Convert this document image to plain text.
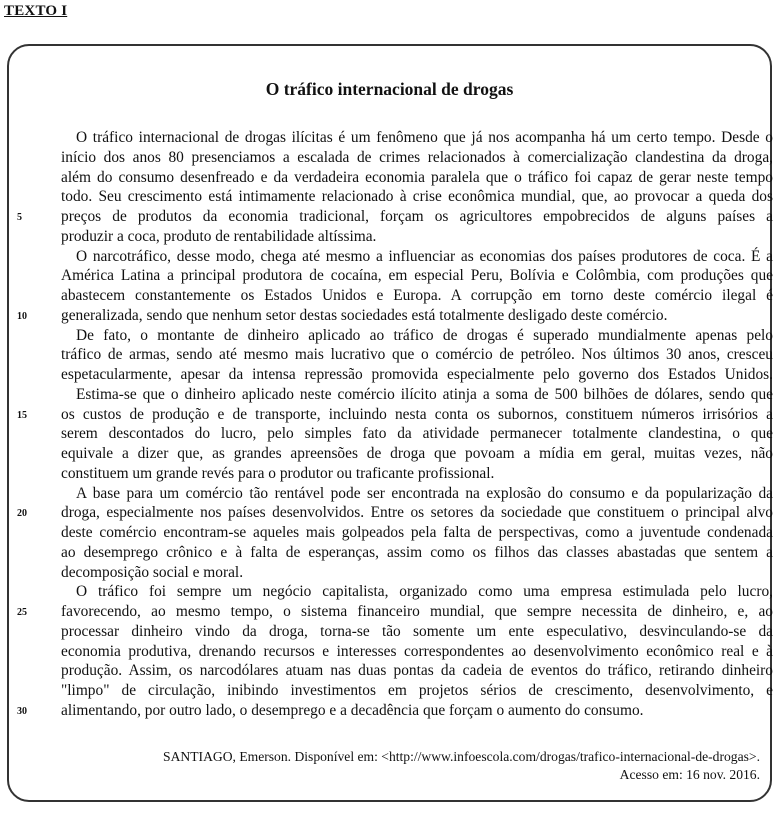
TEXTO I
O tráfico internacional de drogas
O tráfico internacional de drogas ilícitas é um fenômeno que já nos acompanha há um certo tempo. Desde o
início dos anos 80 presenciamos a escalada de crimes relacionados à comercialização clandestina da droga,
além do consumo desenfreado e da verdadeira economia paralela que o tráfico foi capaz de gerar neste tempo
todo. Seu crescimento está intimamente relacionado à crise econômica mundial, que, ao provocar a queda dos
preços de produtos da economia tradicional, forçam os agricultores empobrecidos de alguns países a
5
produzir a coca, produto de rentabilidade altíssima.
O narcotráfico, desse modo, chega até mesmo a influenciar as economias dos países produtores de coca. É a
América Latina a principal produtora de cocaína, em especial Peru, Bolívia e Colômbia, com produções que
abastecem constantemente os Estados Unidos e Europa. A corrupção em torno deste comércio ilegal é
generalizada, sendo que nenhum setor destas sociedades está totalmente desligado deste comércio.
10
De fato, o montante de dinheiro aplicado ao tráfico de drogas é superado mundialmente apenas pelo
tráfico de armas, sendo até mesmo mais lucrativo que o comércio de petróleo. Nos últimos 30 anos, cresceu
espetacularmente, apesar da intensa repressão promovida especialmente pelo governo dos Estados Unidos.
Estima-se que o dinheiro aplicado neste comércio ilícito atinja a soma de 500 bilhões de dólares, sendo que
os custos de produção e de transporte, incluindo nesta conta os subornos, constituem números irrisórios a
15
serem descontados do lucro, pelo simples fato da atividade permanecer totalmente clandestina, o que
equivale a dizer que, as grandes apreensões de droga que povoam a mídia em geral, muitas vezes, não
constituem um grande revés para o produtor ou traficante profissional.
A base para um comércio tão rentável pode ser encontrada na explosão do consumo e da popularização da
droga, especialmente nos países desenvolvidos. Entre os setores da sociedade que constituem o principal alvo
20
deste comércio encontram-se aqueles mais golpeados pela falta de perspectivas, como a juventude condenada
ao desemprego crônico e à falta de esperanças, assim como os filhos das classes abastadas que sentem a
decomposição social e moral.
O tráfico foi sempre um negócio capitalista, organizado como uma empresa estimulada pelo lucro,
favorecendo, ao mesmo tempo, o sistema financeiro mundial, que sempre necessita de dinheiro, e, ao
25
processar dinheiro vindo da droga, torna-se tão somente um ente especulativo, desvinculando-se da
economia produtiva, drenando recursos e interesses correspondentes ao desenvolvimento econômico real e à
produção. Assim, os narcodólares atuam nas duas pontas da cadeia de eventos do tráfico, retirando dinheiro
"limpo" de circulação, inibindo investimentos em projetos sérios de crescimento, desenvolvimento, e
alimentando, por outro lado, o desemprego e a decadência que forçam o aumento do consumo.
30
SANTIAGO, Emerson. Disponível em: <http://www.infoescola.com/drogas/trafico-internacional-de-drogas>.
Acesso em: 16 nov. 2016.
